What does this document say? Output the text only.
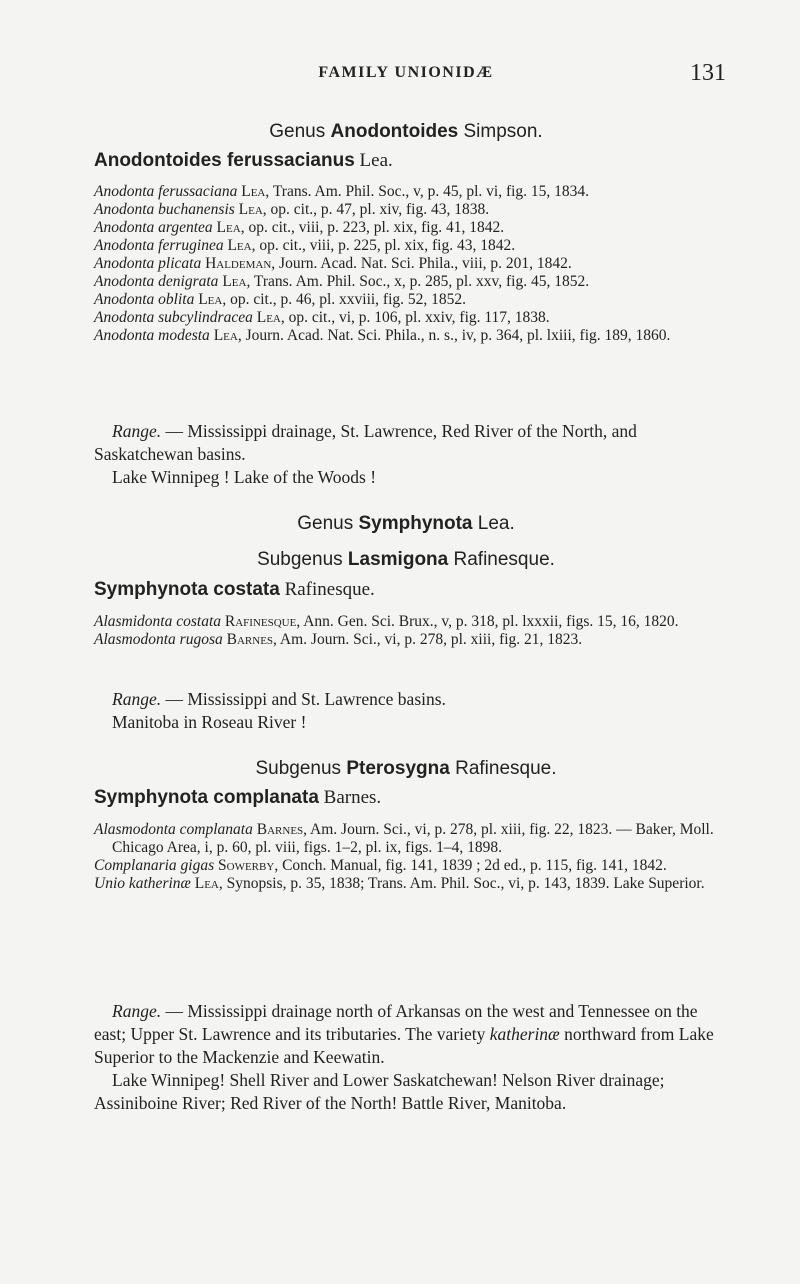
FAMILY UNIONIDÆ	131
Genus Anodontoides Simpson.
Anodontoides ferussacianus Lea.

Anodonta ferussaciana Lea, Trans. Am. Phil. Soc., v, p. 45, pl. vi, fig. 15, 1834.

Anodonta buchanensis Lea, op. cit., p. 47, pl. xiv, fig. 43, 1838.

Anodonta argentea Lea, op. cit., viii, p. 223, pl. xix, fig. 41, 1842.

Anodonta ferruginea Lea, op. cit., viii, p. 225, pl. xix, fig. 43, 1842.

Anodonta plicata Haldeman, Journ. Acad. Nat. Sci. Phila., viii, p. 201, 1842.

Anodonta denigrata Lea, Trans. Am. Phil. Soc., x, p. 285, pl. xxv, fig. 45, 1852.

Anodonta oblita Lea, op. cit., p. 46, pl. xxviii, fig. 52, 1852.

Anodonta subcylindracea Lea, op. cit., vi, p. 106, pl. xxiv, fig. 117, 1838.

Anodonta modesta Lea, Journ. Acad. Nat. Sci. Phila., n. s., iv, p. 364, pl. lxiii, fig. 189, 1860.

Range. — Mississippi drainage, St. Lawrence, Red River of the North, and Saskatchewan basins.

Lake Winnipeg ! Lake of the Woods !

Genus Symphynota Lea.
Subgenus Lasmigona Rafinesque.
Symphynota costata Rafinesque.

Alasmidonta costata Rafinesque, Ann. Gen. Sci. Brux., v, p. 318, pl. lxxxii, figs. 15, 16, 1820.

Alasmodonta rugosa Barnes, Am. Journ. Sci., vi, p. 278, pl. xiii, fig. 21, 1823.

Range. — Mississippi and St. Lawrence basins.

Manitoba in Roseau River !

Subgenus Pterosygna Rafinesque.
Symphynota complanata Barnes.

Alasmodonta complanata Barnes, Am. Journ. Sci., vi, p. 278, pl. xiii, fig. 22, 1823. — Baker, Moll. Chicago Area, i, p. 60, pl. viii, figs. 1–2, pl. ix, figs. 1–4, 1898.

Complanaria gigas Sowerby, Conch. Manual, fig. 141, 1839 ; 2d ed., p. 115, fig. 141, 1842.

Unio katherinæ Lea, Synopsis, p. 35, 1838; Trans. Am. Phil. Soc., vi, p. 143, 1839. Lake Superior.

Range. — Mississippi drainage north of Arkansas on the west and Tennessee on the east; Upper St. Lawrence and its tributaries. The variety katherinæ northward from Lake Superior to the Mackenzie and Keewatin.

Lake Winnipeg! Shell River and Lower Saskatchewan! Nelson River drainage; Assiniboine River; Red River of the North! Battle River, Manitoba.
